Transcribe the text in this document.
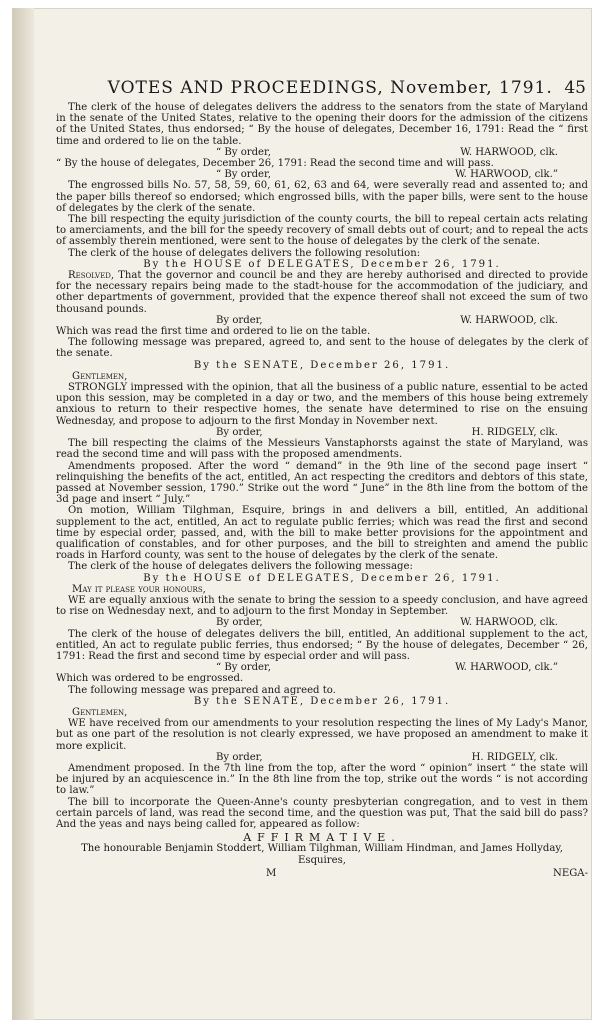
VOTES AND PROCEEDINGS, November, 1791. 45

The clerk of the house of delegates delivers the address to the senators from the state of Maryland in the senate of the United States, relative to the opening their doors for the admission of the citizens of the United States, thus endorsed; “ By the house of delegates, December 16, 1791: Read the “ first time and ordered to lie on the table.

“ By order,	W. HARWOOD, clk.

“ By the house of delegates, December 26, 1791: Read the second time and will pass.

“ By order,	W. HARWOOD, clk.”

The engrossed bills No. 57, 58, 59, 60, 61, 62, 63 and 64, were severally read and assented to; and the paper bills thereof so endorsed; which engrossed bills, with the paper bills, were sent to the house of delegates by the clerk of the senate.

The bill respecting the equity jurisdiction of the county courts, the bill to repeal certain acts relating to amerciaments, and the bill for the speedy recovery of small debts out of court; and to repeal the acts of assembly therein mentioned, were sent to the house of delegates by the clerk of the senate.

The clerk of the house of delegates delivers the following resolution:

By the HOUSE of DELEGATES, December 26, 1791.

Resolved, That the governor and council be and they are hereby authorised and directed to provide for the necessary repairs being made to the stadt-house for the accommodation of the judiciary, and other departments of government, provided that the expence thereof shall not exceed the sum of two thousand pounds.

By order,	W. HARWOOD, clk.

Which was read the first time and ordered to lie on the table.

The following message was prepared, agreed to, and sent to the house of delegates by the clerk of the senate.

By the SENATE, December 26, 1791.

Gentlemen,

STRONGLY impressed with the opinion, that all the business of a public nature, essential to be acted upon this session, may be completed in a day or two, and the members of this house being extremely anxious to return to their respective homes, the senate have determined to rise on the ensuing Wednesday, and propose to adjourn to the first Monday in November next.

By order,	H. RIDGELY, clk.

The bill respecting the claims of the Messieurs Vanstaphorsts against the state of Maryland, was read the second time and will pass with the proposed amendments.

Amendments proposed. After the word “ demand” in the 9th line of the second page insert “ relinquishing the benefits of the act, entitled, An act respecting the creditors and debtors of this state, passed at November session, 1790.” Strike out the word “ June” in the 8th line from the bottom of the 3d page and insert “ July.”

On motion, William Tilghman, Esquire, brings in and delivers a bill, entitled, An additional supplement to the act, entitled, An act to regulate public ferries; which was read the first and second time by especial order, passed, and, with the bill to make better provisions for the appointment and qualification of constables, and for other purposes, and the bill to streighten and amend the public roads in Harford county, was sent to the house of delegates by the clerk of the senate.

The clerk of the house of delegates delivers the following message:

By the HOUSE of DELEGATES, December 26, 1791.

May it please your honours,

WE are equally anxious with the senate to bring the session to a speedy conclusion, and have agreed to rise on Wednesday next, and to adjourn to the first Monday in September.

By order,	W. HARWOOD, clk.

The clerk of the house of delegates delivers the bill, entitled, An additional supplement to the act, entitled, An act to regulate public ferries, thus endorsed; “ By the house of delegates, December “ 26, 1791: Read the first and second time by especial order and will pass.

“ By order,	W. HARWOOD, clk.”

Which was ordered to be engrossed.

The following message was prepared and agreed to.

By the SENATE, December 26, 1791.

Gentlemen,

WE have received from our amendments to your resolution respecting the lines of My Lady's Manor, but as one part of the resolution is not clearly expressed, we have proposed an amendment to make it more explicit.

By order,	H. RIDGELY, clk.

Amendment proposed. In the 7th line from the top, after the word “ opinion” insert “ the state will be injured by an acquiescence in.” In the 8th line from the top, strike out the words “ is not according to law.”

The bill to incorporate the Queen-Anne's county presbyterian congregation, and to vest in them certain parcels of land, was read the second time, and the question was put, That the said bill do pass? And the yeas and nays being called for, appeared as follow:

AFFIRMATIVE.

The honourable Benjamin Stoddert, William Tilghman, William Hindman, and James Hollyday, Esquires,

M	NEGA-
